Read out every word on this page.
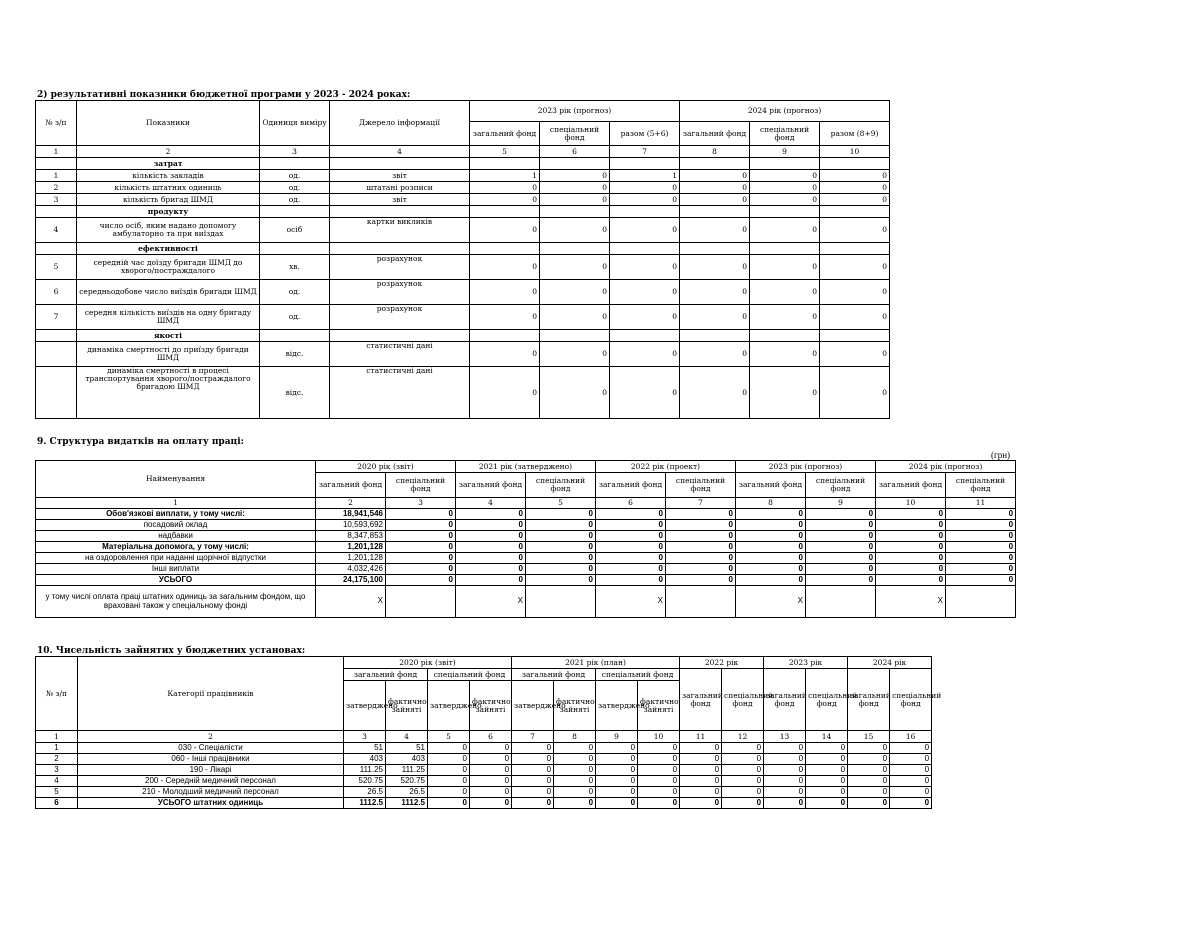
2) результативні показники бюджетної програми у 2023 - 2024 роках:
№ з/п	Показники	Одиниця виміру	Джерело інформації	2023 рік (прогноз)			2024 рік (прогноз)		
				загальний фонд	спеціальний фонд	разом (5+6)	загальний фонд	спеціальний фонд	разом (8+9)
1	2	3	4	5	6	7	8	9	10
	затрат								
1	кількість закладів	од.	звіт	1	0	1	0	0	0
2	кількість штатних одиниць	од.	штатані розписи	0	0	0	0	0	0
3	кількість бригад ШМД	од.	звіт	0	0	0	0	0	0
	продукту								
4	число осіб, яким надано допомогу амбулаторно та при виїздах	осіб	картки викликів	0	0	0	0	0	0
	ефективності								
5	середній час доїзду бригади ШМД до хворого/постраждалого	хв.	розрахунок	0	0	0	0	0	0
6	середньодобове число виїздів бригади ШМД	од.	розрахунок	0	0	0	0	0	0
7	середня кількість виїздів на одну бригаду ШМД	од.	розрахунок	0	0	0	0	0	0
	якості								
	динаміка смертності до приїзду бригади ШМД	відс.	статистичні дані	0	0	0	0	0	0
	динаміка смертності в процесі транспортування хворого/постраждалого бригадою ШМД	відс.	статистичні дані	0	0	0	0	0	0
9. Структура видатків на оплату праці:
(грн)
Найменування	2020 рік (звіт)		2021 рік (затверджено)		2022 рік (проект)		2023 рік (прогноз)		2024 рік (прогноз)	
	загальний фонд	спеціальний фонд	загальний фонд	спеціальний фонд	загальний фонд	спеціальний фонд	загальний фонд	спеціальний фонд	загальний фонд	спеціальний фонд
1	2	3	4	5	6	7	8	9	10	11
Обов'язкові виплати, у тому числі:	18,941,546	0	0	0	0	0	0	0	0	0
посадовий оклад	10,593,692	0	0	0	0	0	0	0	0	0
надбавки	8,347,853	0	0	0	0	0	0	0	0	0
Матеріальна допомога, у тому числі:	1,201,128	0	0	0	0	0	0	0	0	0
на оздоровлення при наданні щорічної відпустки	1,201,128	0	0	0	0	0	0	0	0	0
Інші виплати	4,032,426	0	0	0	0	0	0	0	0	0
УСЬОГО	24,175,100	0	0	0	0	0	0	0	0	0
у тому числі оплата праці штатних одиниць за загальним фондом, що враховані також у спеціальному фонді	X		X		X		X		X	
10. Чисельність зайнятих у бюджетних установах:
№ з/п	Категорії працівників	2020 рік (звіт)				2021 рік (план)				2022 рік		2023 рік		2024 рік	
		загальний фонд		спеціальний фонд		загальний фонд		спеціальний фонд		загальний фонд	спеціальний фонд	загальний фонд	спеціальний фонд	загальний фонд	спеціальний фонд
		затверджено	фактично зайняті	затверджено	фактично зайняті	затверджено	фактично зайняті	затверджено	фактично зайняті						
1	2	3	4	5	6	7	8	9	10	11	12	13	14	15	16
1	030 - Спеціалісти	51	51	0	0	0	0	0	0	0	0	0	0	0	0
2	060 - Інші працівники	403	403	0	0	0	0	0	0	0	0	0	0	0	0
3	190 - Лікарі	111.25	111.25	0	0	0	0	0	0	0	0	0	0	0	0
4	200 - Середній медичний персонал	520.75	520.75	0	0	0	0	0	0	0	0	0	0	0	0
5	210 - Молодший медичний персонал	26.5	26.5	0	0	0	0	0	0	0	0	0	0	0	0
6	УСЬОГО штатних одиниць	1112.5	1112.5	0	0	0	0	0	0	0	0	0	0	0	0
